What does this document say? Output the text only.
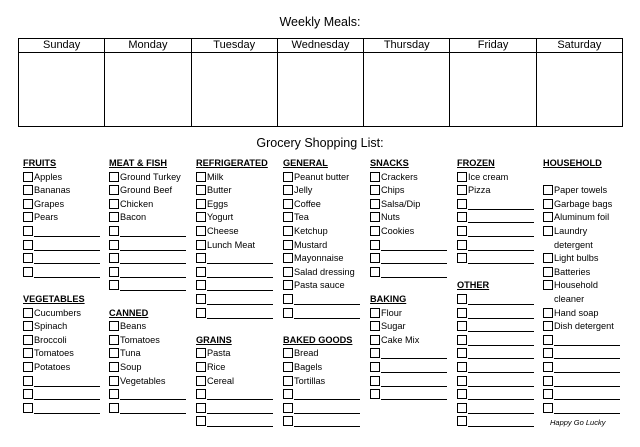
Weekly Meals:
Sunday	Monday	Tuesday	Wednesday	Thursday	Friday	Saturday

Grocery Shopping List:
FRUITS
Apples
Bananas
Grapes
Pears
VEGETABLES
Cucumbers
Spinach
Broccoli
Tomatoes
Potatoes
MEAT & FISH
Ground Turkey
Ground Beef
Chicken
Bacon
CANNED
Beans
Tomatoes
Tuna
Soup
Vegetables
REFRIGERATED
Milk
Butter
Eggs
Yogurt
Cheese
Lunch Meat
GRAINS
Pasta
Rice
Cereal
GENERAL
Peanut butter
Jelly
Coffee
Tea
Ketchup
Mustard
Mayonnaise
Salad dressing
Pasta sauce
BAKED GOODS
Bread
Bagels
Tortillas
SNACKS
Crackers
Chips
Salsa/Dip
Nuts
Cookies
BAKING
Flour
Sugar
Cake Mix
FROZEN
Ice cream
Pizza
OTHER
HOUSEHOLD
Paper towels
Garbage bags
Aluminum foil
Laundry detergent
Light bulbs
Batteries
Household cleaner
Hand soap
Dish detergent
Happy Go Lucky
